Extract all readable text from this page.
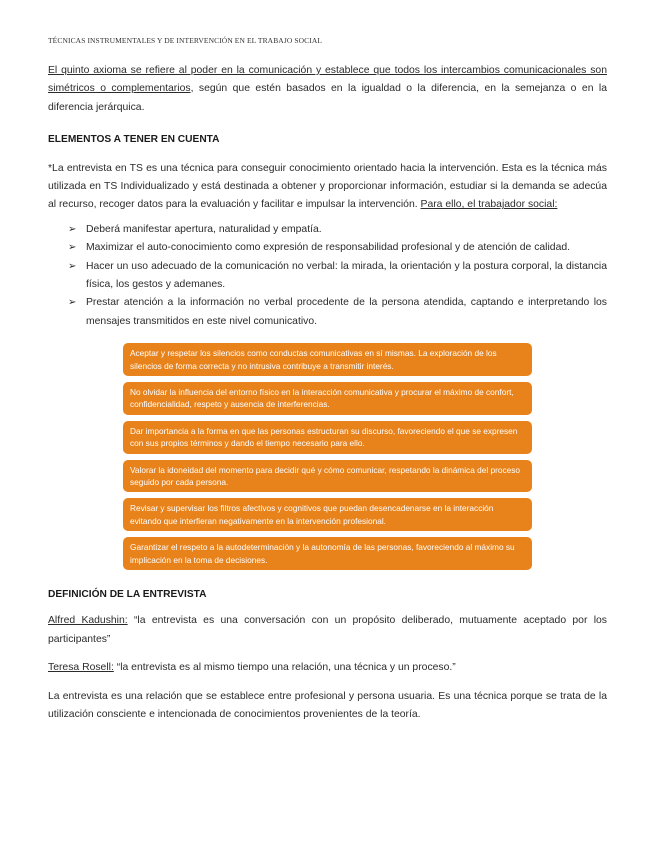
TÉCNICAS INSTRUMENTALES Y DE INTERVENCIÓN EN EL TRABAJO SOCIAL

El quinto axioma se refiere al poder en la comunicación y establece que todos los intercambios comunicacionales son simétricos o complementarios, según que estén basados en la igualdad o la diferencia, en la semejanza o en la diferencia jerárquica.

ELEMENTOS A TENER EN CUENTA

*La entrevista en TS es una técnica para conseguir conocimiento orientado hacia la intervención. Esta es la técnica más utilizada en TS Individualizado y está destinada a obtener y proporcionar información, estudiar si la demanda se adecúa al recurso, recoger datos para la evaluación y facilitar e impulsar la intervención. Para ello, el trabajador social:

➢ Deberá manifestar apertura, naturalidad y empatía.
➢ Maximizar el auto-conocimiento como expresión de responsabilidad profesional y de atención de calidad.
➢ Hacer un uso adecuado de la comunicación no verbal: la mirada, la orientación y la postura corporal, la distancia física, los gestos y ademanes.
➢ Prestar atención a la información no verbal procedente de la persona atendida, captando e interpretando los mensajes transmitidos en este nivel comunicativo.
Aceptar y respetar los silencios como conductas comunicativas en sí mismas. La exploración de los silencios de forma correcta y no intrusiva contribuye a transmitir interés.
No olvidar la influencia del entorno físico en la interacción comunicativa y procurar el máximo de confort, confidencialidad, respeto y ausencia de interferencias.
Dar importancia a la forma en que las personas estructuran su discurso, favoreciendo el que se expresen con sus propios términos y dando el tiempo necesario para ello.
Valorar la idoneidad del momento para decidir qué y cómo comunicar, respetando la dinámica del proceso seguido por cada persona.
Revisar y supervisar los filtros afectivos y cognitivos que puedan desencadenarse en la interacción evitando que interfieran negativamente en la intervención profesional.
Garantizar el respeto a la autodeterminación y la autonomía de las personas, favoreciendo al máximo su implicación en la toma de decisiones.

DEFINICIÓN DE LA ENTREVISTA

Alfred Kadushin: “la entrevista es una conversación con un propósito deliberado, mutuamente aceptado por los participantes”

Teresa Rosell: “la entrevista es al mismo tiempo una relación, una técnica y un proceso.”

La entrevista es una relación que se establece entre profesional y persona usuaria. Es una técnica porque se trata de la utilización consciente e intencionada de conocimientos provenientes de la teoría.
